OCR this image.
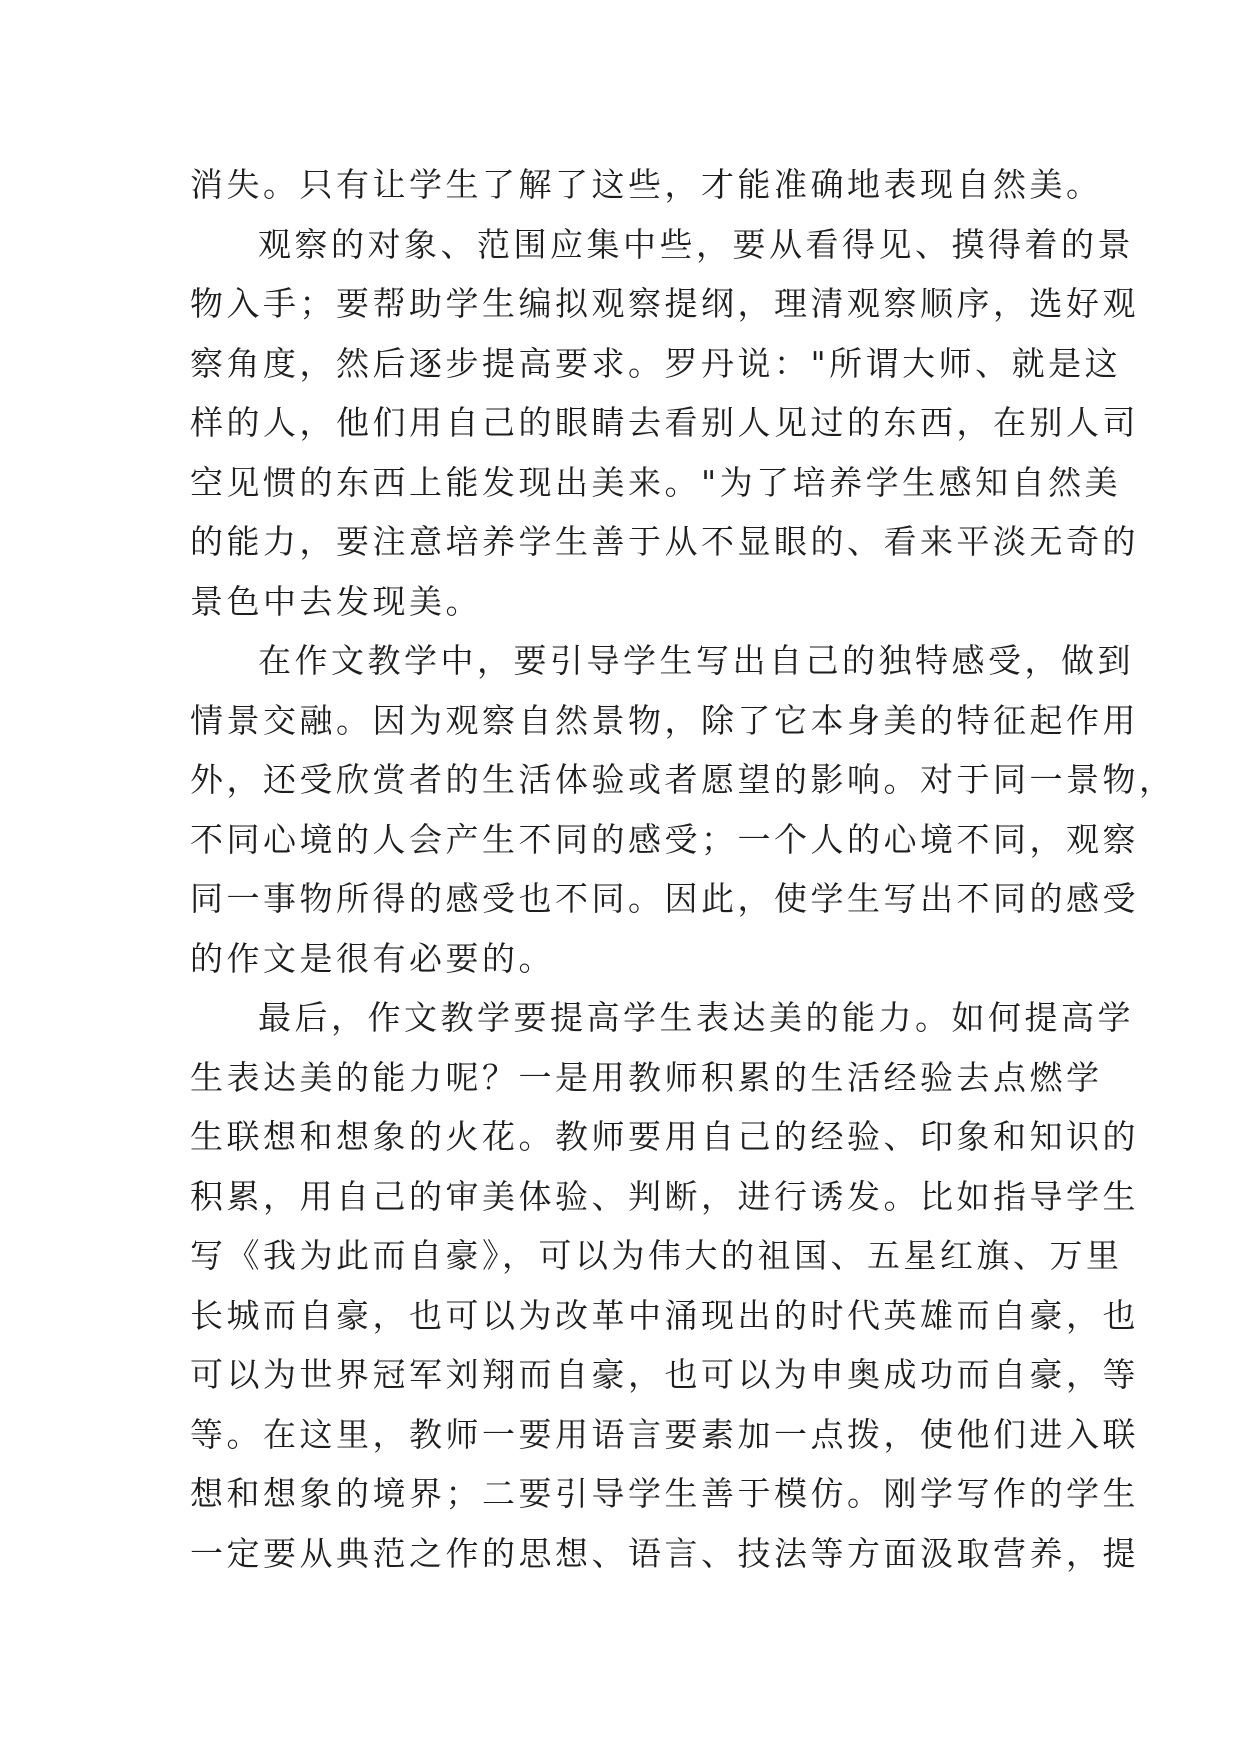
消失。只有让学生了解了这些，才能准确地表现自然美。
观察的对象、范围应集中些，要从看得见、摸得着的景
物入手；要帮助学生编拟观察提纲，理清观察顺序，选好观
察角度，然后逐步提高要求。罗丹说："所谓大师、就是这
样的人，他们用自己的眼睛去看别人见过的东西，在别人司
空见惯的东西上能发现出美来。"为了培养学生感知自然美
的能力，要注意培养学生善于从不显眼的、看来平淡无奇的
景色中去发现美。
在作文教学中，要引导学生写出自己的独特感受，做到
情景交融。因为观察自然景物，除了它本身美的特征起作用
外，还受欣赏者的生活体验或者愿望的影响。对于同一景物，
不同心境的人会产生不同的感受；一个人的心境不同，观察
同一事物所得的感受也不同。因此，使学生写出不同的感受
的作文是很有必要的。
最后，作文教学要提高学生表达美的能力。如何提高学
生表达美的能力呢？一是用教师积累的生活经验去点燃学
生联想和想象的火花。教师要用自己的经验、印象和知识的
积累，用自己的审美体验、判断，进行诱发。比如指导学生
写《我为此而自豪》，可以为伟大的祖国、五星红旗、万里
长城而自豪，也可以为改革中涌现出的时代英雄而自豪，也
可以为世界冠军刘翔而自豪，也可以为申奥成功而自豪，等
等。在这里，教师一要用语言要素加一点拨，使他们进入联
想和想象的境界；二要引导学生善于模仿。刚学写作的学生
一定要从典范之作的思想、语言、技法等方面汲取营养，提
